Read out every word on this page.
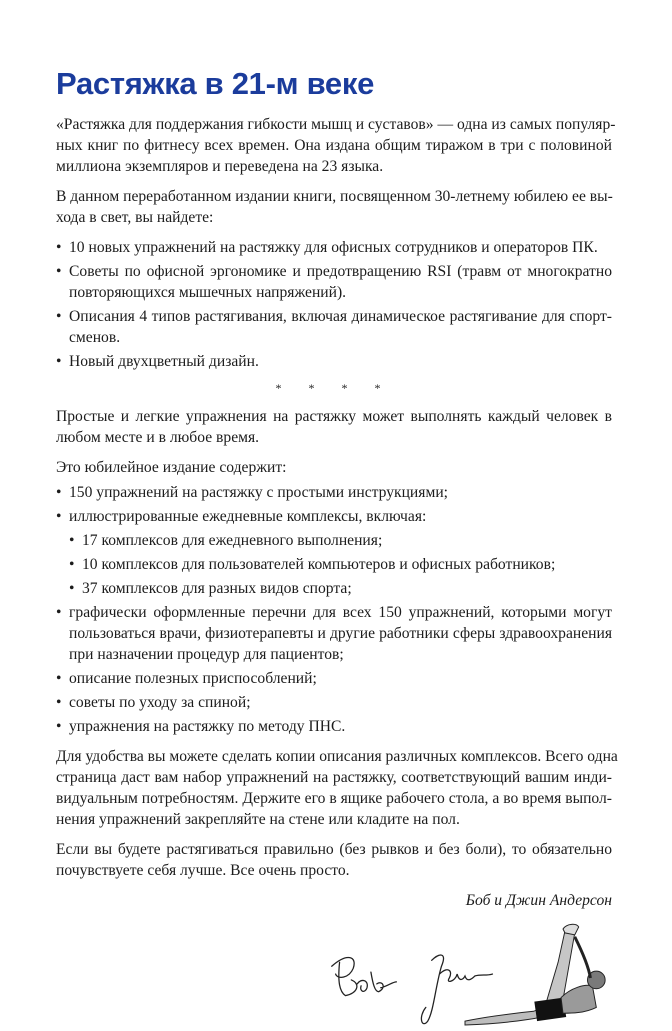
Растяжка в 21-м веке
«Растяжка для поддержания гибкости мышц и суставов» — одна из самых популяр-
ных книг по фитнесу всех времен. Она издана общим тиражом в три с половиной
миллиона экземпляров и переведена на 23 языка.
В данном переработанном издании книги, посвященном 30-летнему юбилею ее вы-
хода в свет, вы найдете:
• 10 новых упражнений на растяжку для офисных сотрудников и операторов ПК.
• Советы по офисной эргономике и предотвращению RSI (травм от многократно
повторяющихся мышечных напряжений).
• Описания 4 типов растягивания, включая динамическое растягивание для спорт-
сменов.
• Новый двухцветный дизайн.
* * * *
Простые и легкие упражнения на растяжку может выполнять каждый человек в
любом месте и в любое время.
Это юбилейное издание содержит:
• 150 упражнений на растяжку с простыми инструкциями;
• иллюстрированные ежедневные комплексы, включая:
• 17 комплексов для ежедневного выполнения;
• 10 комплексов для пользователей компьютеров и офисных работников;
• 37 комплексов для разных видов спорта;
• графически оформленные перечни для всех 150 упражнений, которыми могут
пользоваться врачи, физиотерапевты и другие работники сферы здравоохранения
при назначении процедур для пациентов;
• описание полезных приспособлений;
• советы по уходу за спиной;
• упражнения на растяжку по методу ПНС.
Для удобства вы можете сделать копии описания различных комплексов. Всего одна
страница даст вам набор упражнений на растяжку, соответствующий вашим инди-
видуальным потребностям. Держите его в ящике рабочего стола, а во время выпол-
нения упражнений закрепляйте на стене или кладите на пол.
Если вы будете растягиваться правильно (без рывков и без боли), то обязательно
почувствуете себя лучше. Все очень просто.
Боб и Джин Андерсон
